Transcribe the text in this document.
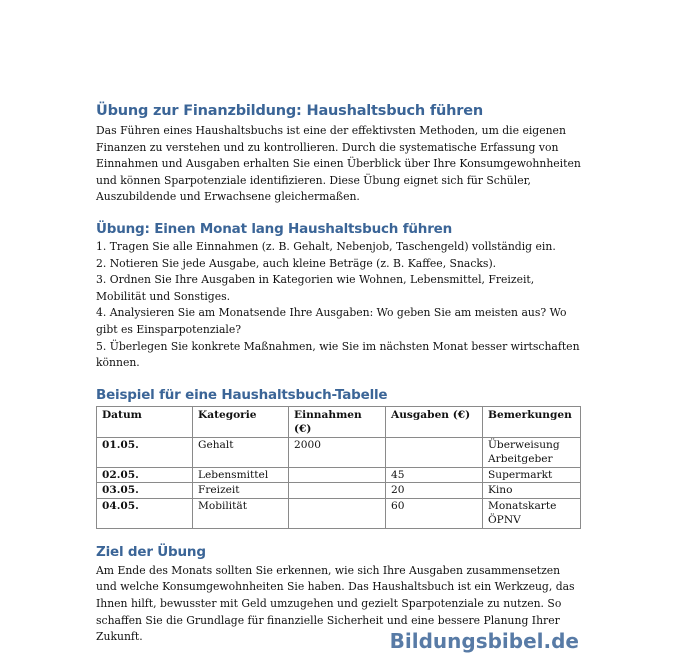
Übung zur Finanzbildung: Haushaltsbuch führen

Das Führen eines Haushaltsbuchs ist eine der effektivsten Methoden, um die eigenen Finanzen zu verstehen und zu kontrollieren. Durch die systematische Erfassung von Einnahmen und Ausgaben erhalten Sie einen Überblick über Ihre Konsumgewohnheiten und können Sparpotenziale identifizieren. Diese Übung eignet sich für Schüler, Auszubildende und Erwachsene gleichermaßen.

Übung: Einen Monat lang Haushaltsbuch führen

1. Tragen Sie alle Einnahmen (z. B. Gehalt, Nebenjob, Taschengeld) vollständig ein.

2. Notieren Sie jede Ausgabe, auch kleine Beträge (z. B. Kaffee, Snacks).

3. Ordnen Sie Ihre Ausgaben in Kategorien wie Wohnen, Lebensmittel, Freizeit, Mobilität und Sonstiges.

4. Analysieren Sie am Monatsende Ihre Ausgaben: Wo geben Sie am meisten aus? Wo gibt es Einsparpotenziale?

5. Überlegen Sie konkrete Maßnahmen, wie Sie im nächsten Monat besser wirtschaften können.

Beispiel für eine Haushaltsbuch-Tabelle
Datum	Kategorie	Einnahmen (€)	Ausgaben (€)	Bemerkungen
01.05.	Gehalt	2000		Überweisung Arbeitgeber
02.05.	Lebensmittel		45	Supermarkt
03.05.	Freizeit		20	Kino
04.05.	Mobilität		60	Monatskarte ÖPNV
Ziel der Übung

Am Ende des Monats sollten Sie erkennen, wie sich Ihre Ausgaben zusammensetzen und welche Konsumgewohnheiten Sie haben. Das Haushaltsbuch ist ein Werkzeug, das Ihnen hilft, bewusster mit Geld umzugehen und gezielt Sparpotenziale zu nutzen. So schaffen Sie die Grundlage für finanzielle Sicherheit und eine bessere Planung Ihrer Zukunft.	Bildungsbibel.de
